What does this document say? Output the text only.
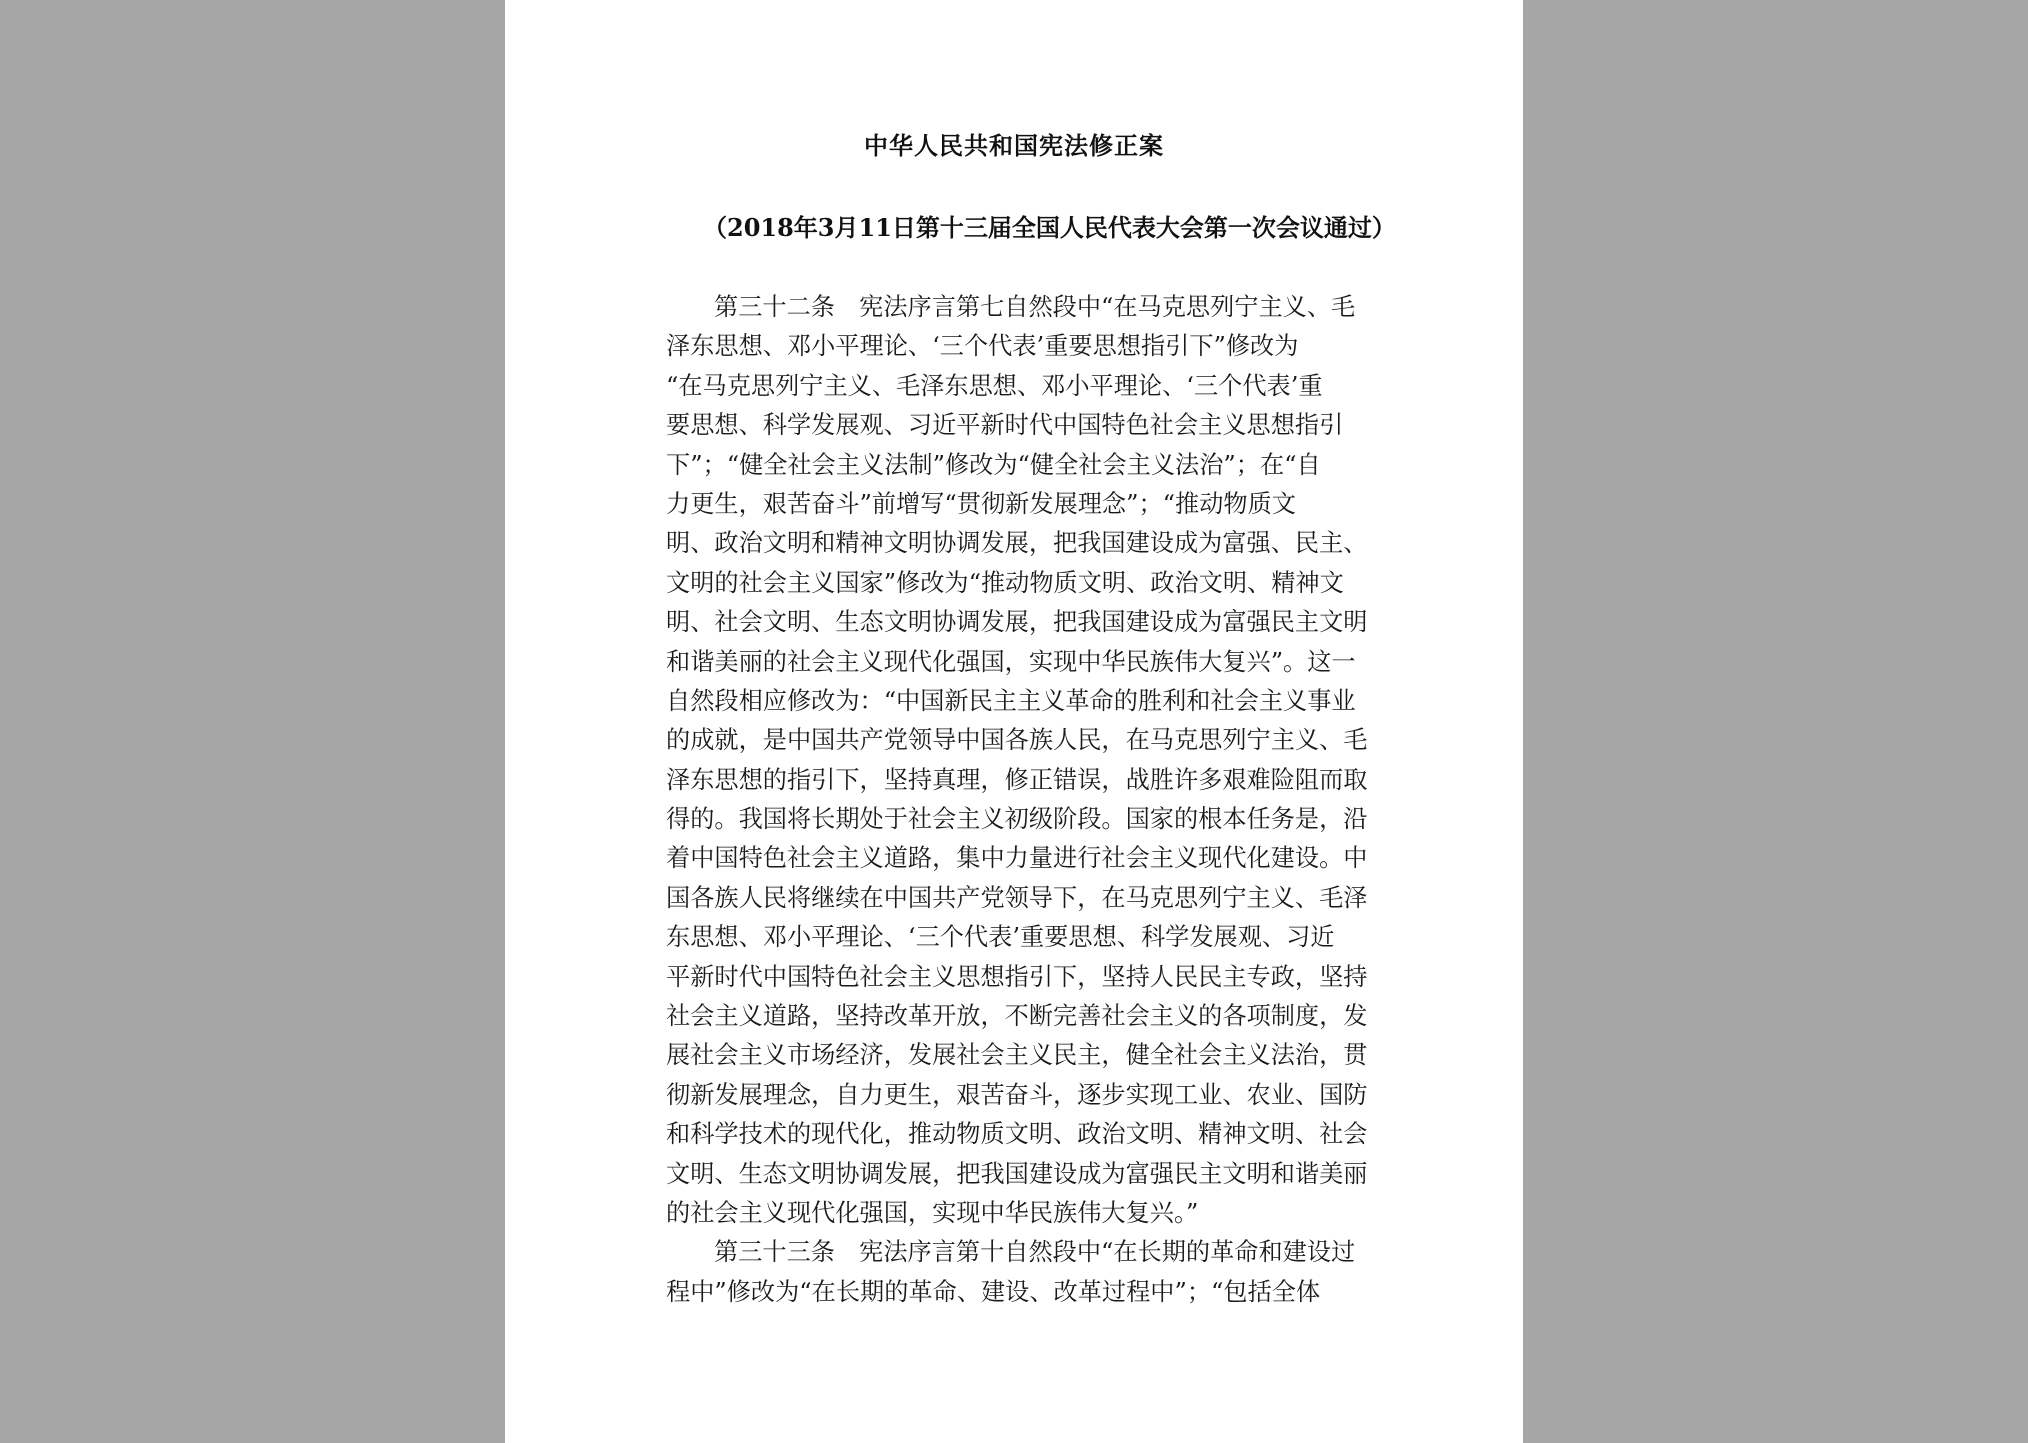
中华人民共和国宪法修正案
（2018年3月11日第十三届全国人民代表大会第一次会议通过）
第三十二条　宪法序言第七自然段中“在马克思列宁主义、毛
泽东思想、邓小平理论、‘三个代表’重要思想指引下”修改为
“在马克思列宁主义、毛泽东思想、邓小平理论、‘三个代表’重
要思想、科学发展观、习近平新时代中国特色社会主义思想指引
下”；“健全社会主义法制”修改为“健全社会主义法治”；在“自
力更生，艰苦奋斗”前增写“贯彻新发展理念”；“推动物质文
明、政治文明和精神文明协调发展，把我国建设成为富强、民主、
文明的社会主义国家”修改为“推动物质文明、政治文明、精神文
明、社会文明、生态文明协调发展，把我国建设成为富强民主文明
和谐美丽的社会主义现代化强国，实现中华民族伟大复兴”。这一
自然段相应修改为：“中国新民主主义革命的胜利和社会主义事业
的成就，是中国共产党领导中国各族人民，在马克思列宁主义、毛
泽东思想的指引下，坚持真理，修正错误，战胜许多艰难险阻而取
得的。我国将长期处于社会主义初级阶段。国家的根本任务是，沿
着中国特色社会主义道路，集中力量进行社会主义现代化建设。中
国各族人民将继续在中国共产党领导下，在马克思列宁主义、毛泽
东思想、邓小平理论、‘三个代表’重要思想、科学发展观、习近
平新时代中国特色社会主义思想指引下，坚持人民民主专政，坚持
社会主义道路，坚持改革开放，不断完善社会主义的各项制度，发
展社会主义市场经济，发展社会主义民主，健全社会主义法治，贯
彻新发展理念，自力更生，艰苦奋斗，逐步实现工业、农业、国防
和科学技术的现代化，推动物质文明、政治文明、精神文明、社会
文明、生态文明协调发展，把我国建设成为富强民主文明和谐美丽
的社会主义现代化强国，实现中华民族伟大复兴。”
第三十三条　宪法序言第十自然段中“在长期的革命和建设过
程中”修改为“在长期的革命、建设、改革过程中”；“包括全体
